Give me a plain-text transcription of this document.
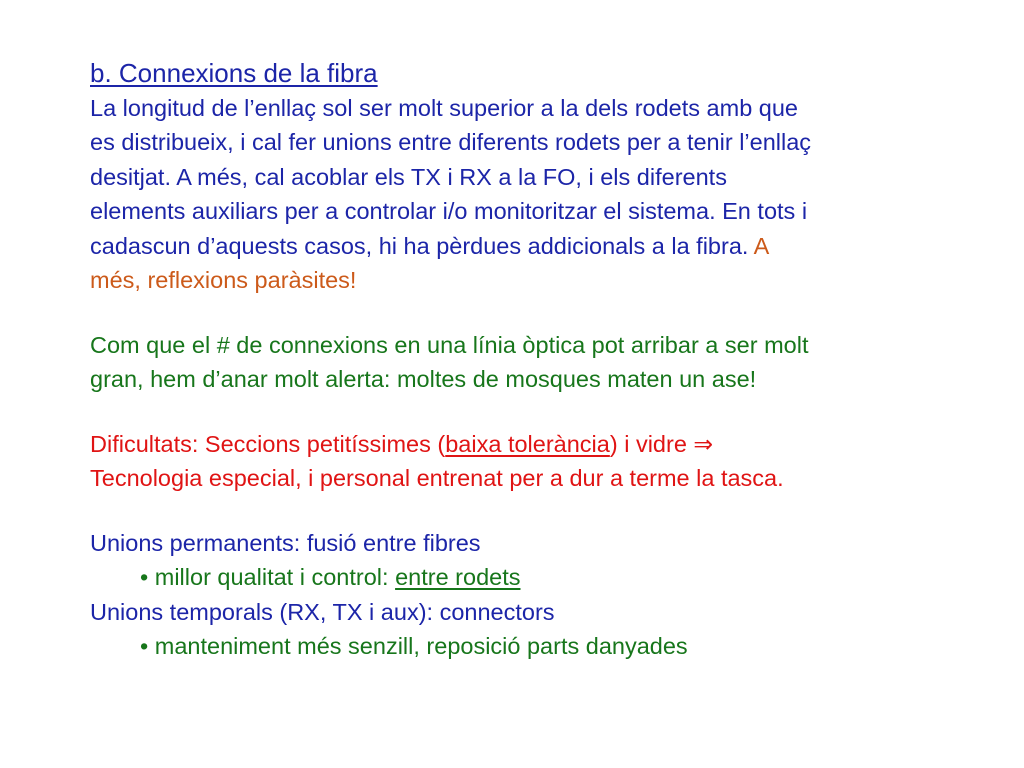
b. Connexions de la fibra
La longitud de l’enllaç sol ser molt superior a la dels rodets amb que
es distribueix, i cal fer unions entre diferents rodets per a tenir l’enllaç
desitjat. A més, cal acoblar els TX i RX a la FO, i els diferents
elements auxiliars per a controlar i/o monitoritzar el sistema. En tots i
cadascun d’aquests casos, hi ha pèrdues addicionals a la fibra. A
més, reflexions paràsites!
Com que el # de connexions en una línia òptica pot arribar a ser molt
gran, hem d’anar molt alerta: moltes de mosques maten un ase!
Dificultats: Seccions petitíssimes (baixa tolerància) i vidre ⇒
Tecnologia especial, i personal entrenat per a dur a terme la tasca.
Unions permanents: fusió entre fibres
• millor qualitat i control: entre rodets
Unions temporals (RX, TX i aux): connectors
• manteniment més senzill, reposició parts danyades
